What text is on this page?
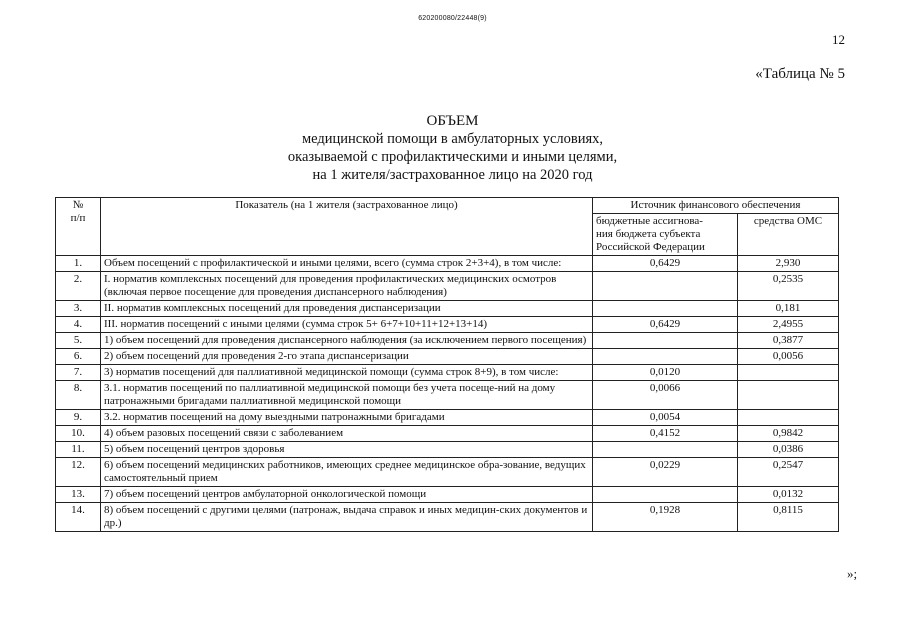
620200080/22448(9)
12
«Таблица № 5
ОБЪЕМ
медицинской помощи в амбулаторных условиях,
оказываемой с профилактическими и иными целями,
на 1 жителя/застрахованное лицо на 2020 год
№
п/п	Показатель (на 1 жителя (застрахованное лицо)	Источник финансового обеспечения	
		бюджетные ассигнова-
ния бюджета субъекта
Российской Федерации	средства ОМС
1.	Объем посещений с профилактической и иными целями, всего (сумма строк 2+3+4), в том числе:	0,6429	2,930
2.	I. норматив комплексных посещений для проведения профилактических медицинских осмотров (включая первое посещение для проведения диспансерного наблюдения)		0,2535
3.	II. норматив комплексных посещений для проведения диспансеризации		0,181
4.	III. норматив посещений с иными целями (сумма строк 5+ 6+7+10+11+12+13+14)	0,6429	2,4955
5.	1) объем посещений для проведения диспансерного наблюдения (за исключением первого посещения)		0,3877
6.	2) объем посещений для проведения 2-го этапа диспансеризации		0,0056
7.	3) норматив посещений для паллиативной медицинской помощи (сумма строк 8+9), в том числе:	0,0120	
8.	3.1. норматив посещений по паллиативной медицинской помощи без учета посеще-ний на дому патронажными бригадами паллиативной медицинской помощи	0,0066	
9.	3.2. норматив посещений на дому выездными патронажными бригадами	0,0054	
10.	4) объем разовых посещений связи с заболеванием	0,4152	0,9842
11.	5) объем посещений центров здоровья		0,0386
12.	6) объем посещений медицинских работников, имеющих среднее медицинское обра-зование, ведущих самостоятельный прием	0,0229	0,2547
13.	7) объем посещений центров амбулаторной онкологической помощи		0,0132
14.	8) объем посещений с другими целями (патронаж, выдача справок и иных медицин-ских документов и др.)	0,1928	0,8115
»;
